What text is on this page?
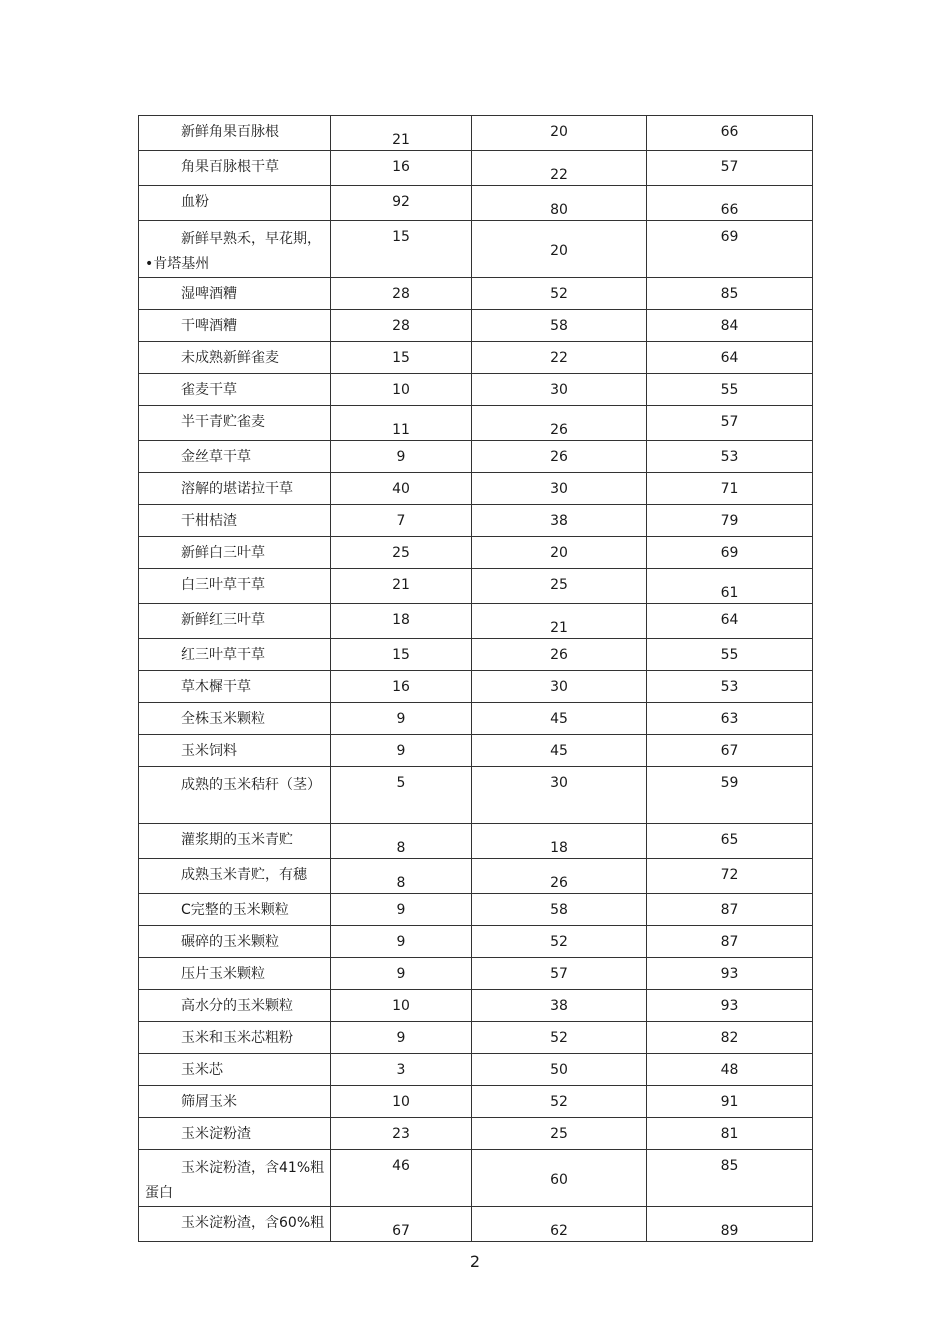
新鲜角果百脉根	21	20	66

角果百脉根干草	16	22	57

血粉	92	80	66

新鲜早熟禾，早花期，•肯塔基州	15	20	69

湿啤酒糟	28	52	85

干啤酒糟	28	58	84

未成熟新鲜雀麦	15	22	64

雀麦干草	10	30	55

半干青贮雀麦	11	26	57

金丝草干草	9	26	53

溶解的堪诺拉干草	40	30	71

干柑桔渣	7	38	79

新鲜白三叶草	25	20	69

白三叶草干草	21	25	61

新鲜红三叶草	18	21	64

红三叶草干草	15	26	55

草木樨干草	16	30	53

全株玉米颗粒	9	45	63

玉米饲料	9	45	67

成熟的玉米秸秆（茎）	5	30	59

灌浆期的玉米青贮	8	18	65

成熟玉米青贮，有穗	8	26	72

C完整的玉米颗粒	9	58	87

碾碎的玉米颗粒	9	52	87

压片玉米颗粒	9	57	93

高水分的玉米颗粒	10	38	93

玉米和玉米芯粗粉	9	52	82

玉米芯	3	50	48

筛屑玉米	10	52	91

玉米淀粉渣	23	25	81

玉米淀粉渣，含41%粗蛋白	46	60	85

玉米淀粉渣，含60%粗	67	62	89
2
